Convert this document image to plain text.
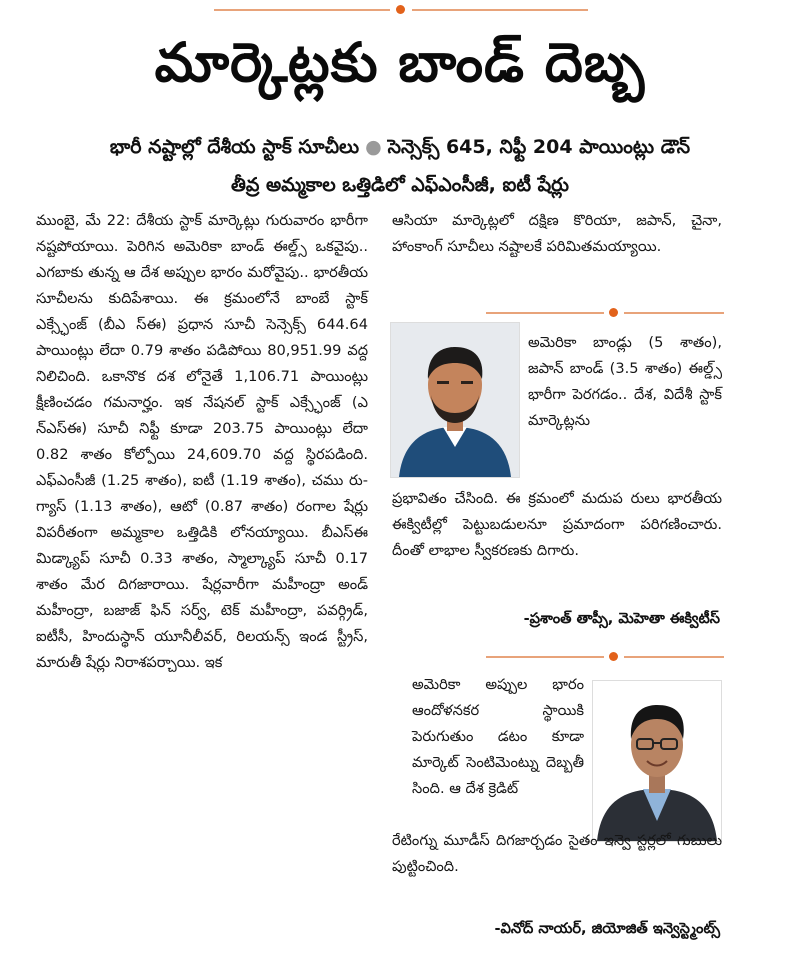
మార్కెట్లకు బాండ్ దెబ్బ
భారీ నష్టాల్లో దేశీయ స్టాక్ సూచీలు ● సెన్సెక్స్ 645, నిఫ్టీ 204 పాయింట్లు డౌన్
తీవ్ర అమ్మకాల ఒత్తిడిలో ఎఫ్ఎంసీజీ, ఐటీ షేర్లు

ముంబై, మే 22: దేశీయ స్టాక్ మార్కెట్లు గురువారం భారీగా నష్టపోయాయి. పెరిగిన అమెరికా బాండ్ ఈల్డ్స్ ఒకవైపు.. ఎగబాకు తున్న ఆ దేశ అప్పుల భారం మరోవైపు.. భారతీయ సూచీలను కుదిపేశాయి. ఈ క్రమంలోనే బాంబే స్టాక్ ఎక్స్ఛేంజ్ (బీఎ స్ఈ) ప్రధాన సూచీ సెన్సెక్స్ 644.64 పాయింట్లు లేదా 0.79 శాతం పడిపోయి 80,951.99 వద్ద నిలిచింది. ఒకానొక దశ లోనైతే 1,106.71 పాయింట్లు క్షీణించడం గమనార్హం. ఇక నేషనల్ స్టాక్ ఎక్స్ఛేంజ్ (ఎ న్ఎస్ఈ) సూచీ నిఫ్టీ కూడా 203.75 పాయింట్లు లేదా 0.82 శాతం కోల్పోయి 24,609.70 వద్ద స్థిరపడింది. ఎఫ్ఎంసీజీ (1.25 శాతం), ఐటీ (1.19 శాతం), చము రు-గ్యాస్ (1.13 శాతం), ఆటో (0.87 శాతం) రంగాల షేర్లు విపరీతంగా అమ్మకాల ఒత్తిడికి లోనయ్యాయి. బీఎస్ఈ మిడ్క్యాప్ సూచీ 0.33 శాతం, స్మాల్క్యాప్ సూచీ 0.17 శాతం మేర దిగజారాయి. షేర్లవారీగా మహీంద్రా అండ్ మహీంద్రా, బజాజ్ ఫిన్ సర్వ్, టెక్ మహీంద్రా, పవర్గ్రిడ్, ఐటీసీ, హిందుస్థాన్ యూనీలీవర్, రిలయన్స్ ఇండ స్ట్రీస్, మారుతీ షేర్లు నిరాశపర్చాయి. ఇక

ఆసియా మార్కెట్లలో దక్షిణ కొరియా, జపాన్, చైనా, హాంకాంగ్ సూచీలు నష్టాలకే పరిమితమయ్యాయి.

అమెరికా బాండ్లు (5 శాతం), జపాన్ బాండ్ (3.5 శాతం) ఈల్డ్స్ భారీగా పెరగడం.. దేశ, విదేశీ స్టాక్ మార్కెట్లను

ప్రభావితం చేసింది. ఈ క్రమంలో మదుప రులు భారతీయ ఈక్విటీల్లో పెట్టుబడులనూ ప్రమాదంగా పరిగణించారు. దీంతో లాభాల స్వీకరణకు దిగారు.

-ప్రశాంత్ తాప్సీ, మెహెతా ఈక్విటీస్

అమెరికా అప్పుల భారం ఆందోళనకర స్థాయికి పెరుగుతుం డటం కూడా మార్కెట్ సెంటిమెంట్ను దెబ్బతీ సింది. ఆ దేశ క్రెడిట్

రేటింగ్ను మూడీస్ దిగజార్చడం సైతం ఇన్వె స్టర్లలో గుబులు పుట్టించింది.

-వినోద్ నాయర్, జియోజిత్ ఇన్వెస్ట్మెంట్స్
